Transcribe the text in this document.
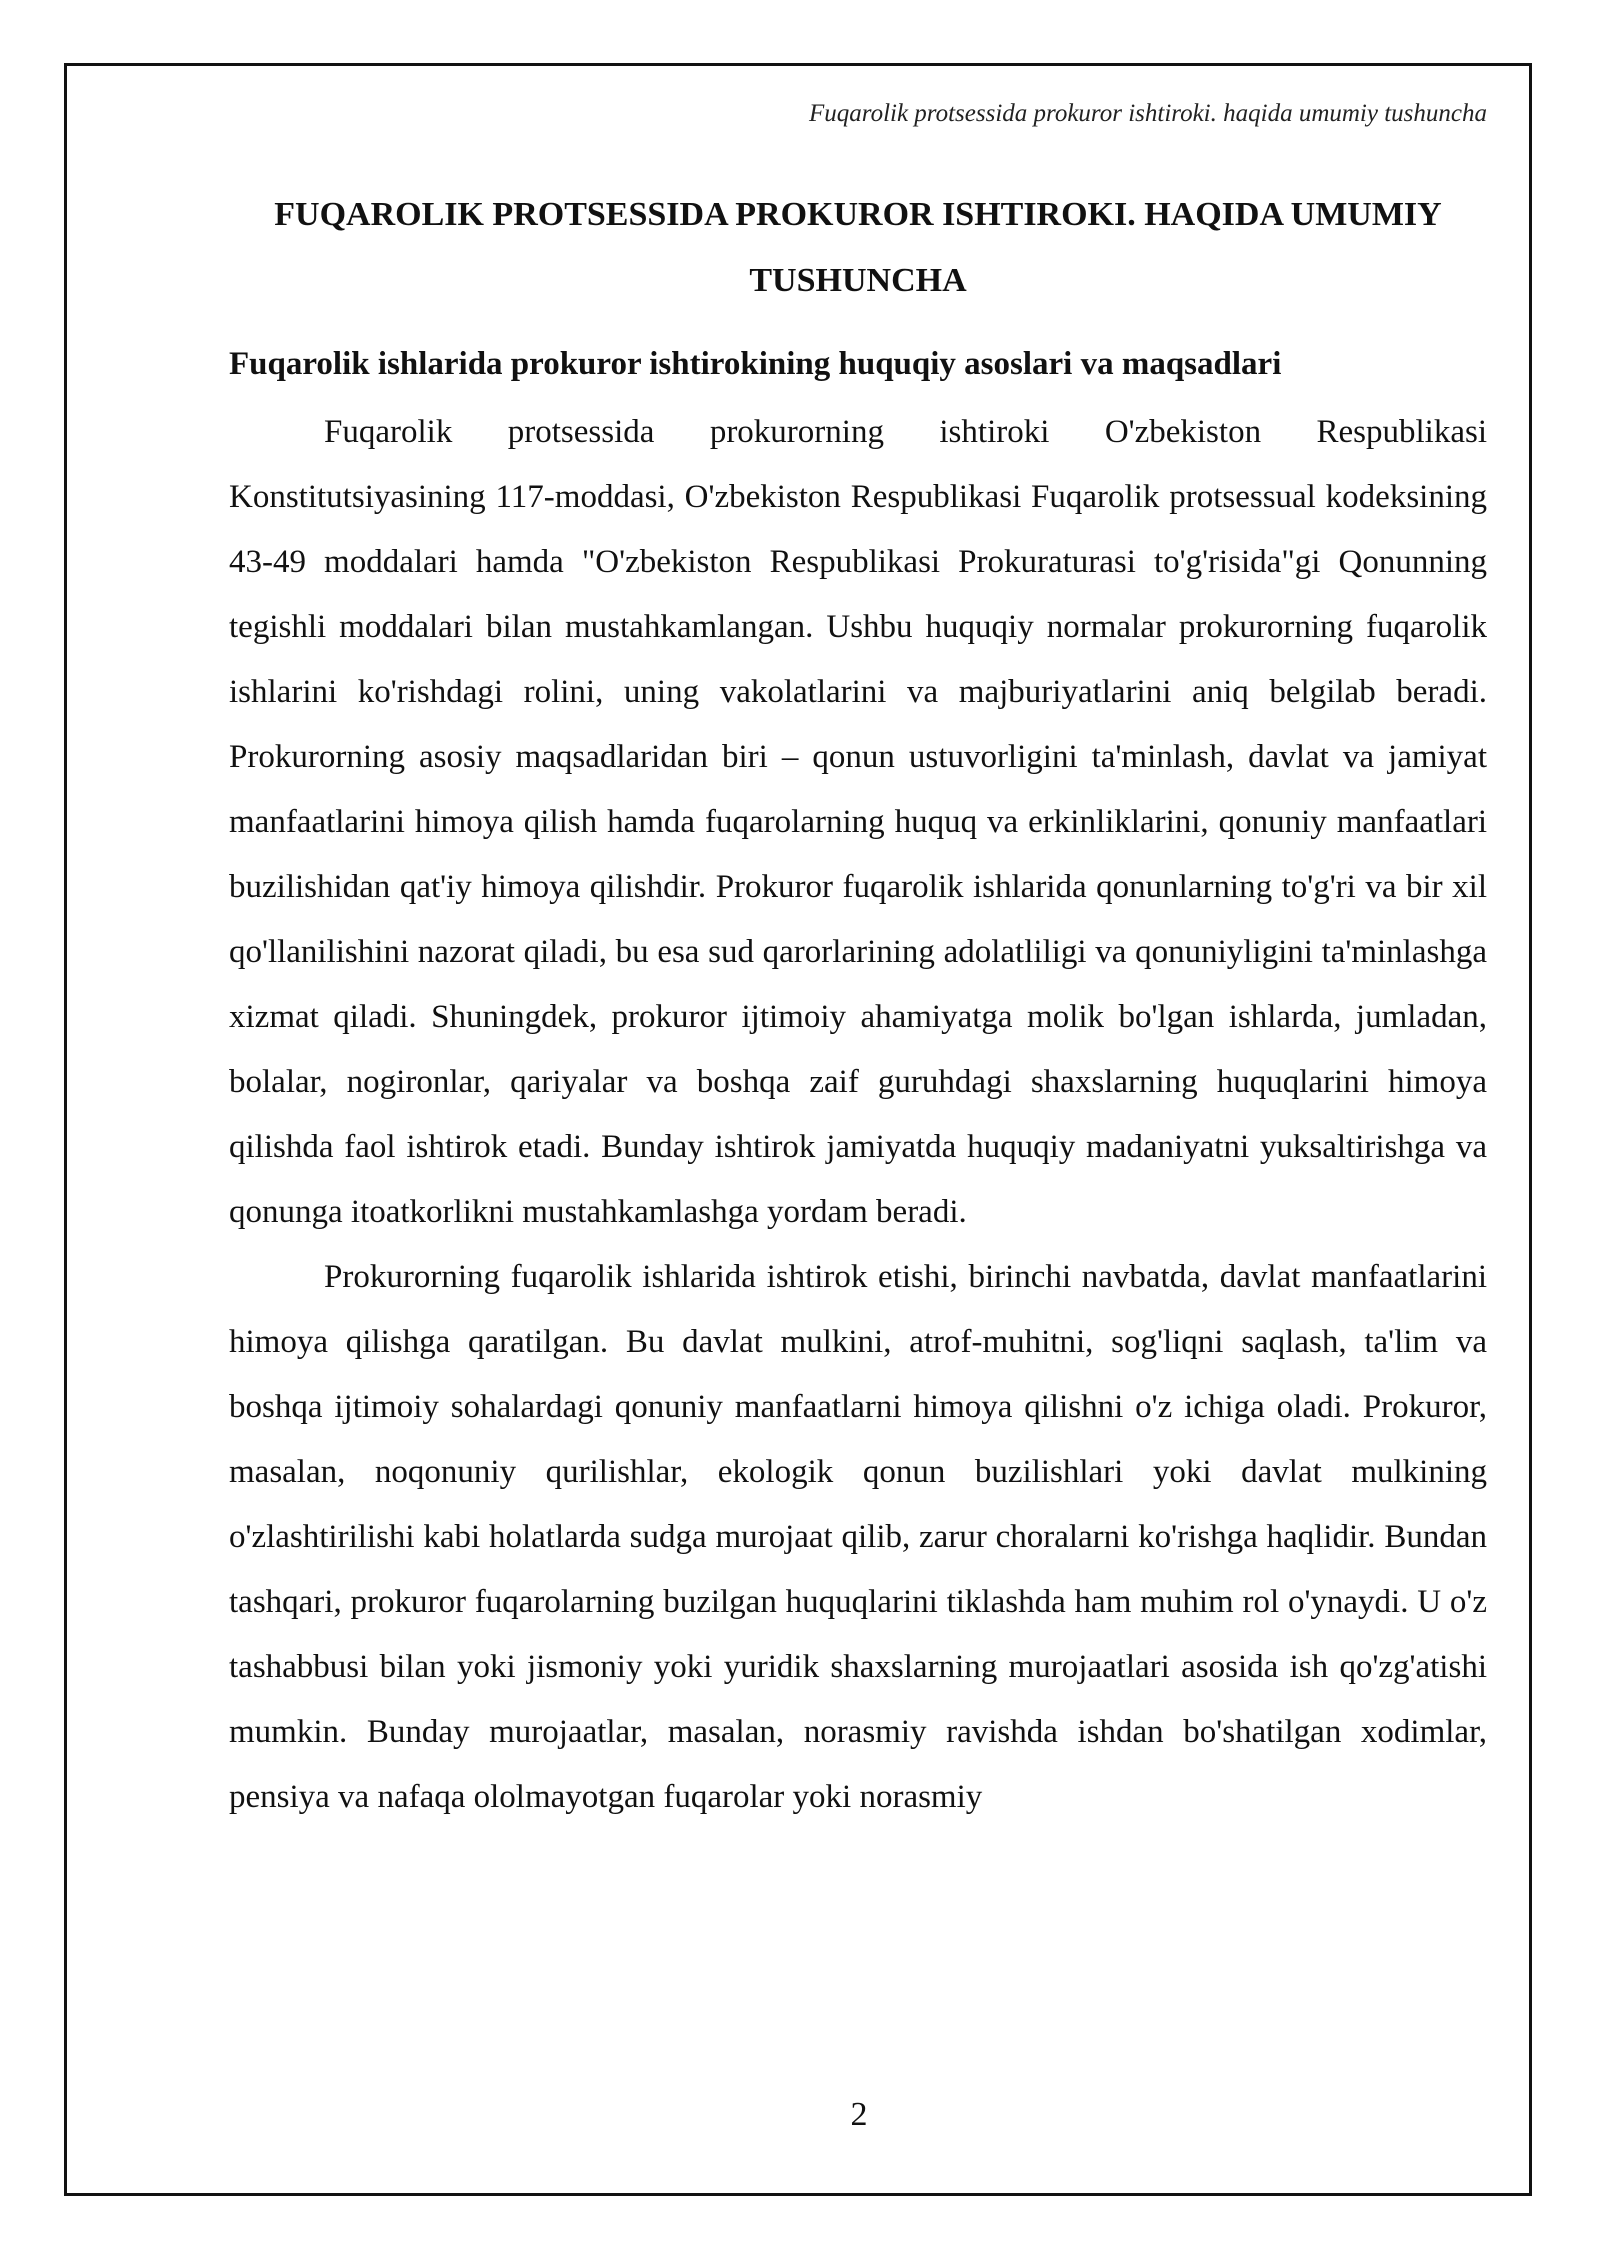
Fuqarolik protsessida prokuror ishtiroki. haqida umumiy tushuncha
FUQAROLIK PROTSESSIDA PROKUROR ISHTIROKI. HAQIDA UMUMIY TUSHUNCHA
Fuqarolik ishlarida prokuror ishtirokining huquqiy asoslari va maqsadlari

Fuqarolik protsessida prokurorning ishtiroki O'zbekiston Respublikasi Konstitutsiyasining 117-moddasi, O'zbekiston Respublikasi Fuqarolik protsessual kodeksining 43-49 moddalari hamda "O'zbekiston Respublikasi Prokuraturasi to'g'risida"gi Qonunning tegishli moddalari bilan mustahkamlangan. Ushbu huquqiy normalar prokurorning fuqarolik ishlarini ko'rishdagi rolini, uning vakolatlarini va majburiyatlarini aniq belgilab beradi. Prokurorning asosiy maqsadlaridan biri – qonun ustuvorligini ta'minlash, davlat va jamiyat manfaatlarini himoya qilish hamda fuqarolarning huquq va erkinliklarini, qonuniy manfaatlari buzilishidan qat'iy himoya qilishdir. Prokuror fuqarolik ishlarida qonunlarning to'g'ri va bir xil qo'llanilishini nazorat qiladi, bu esa sud qarorlarining adolatliligi va qonuniyligini ta'minlashga xizmat qiladi. Shuningdek, prokuror ijtimoiy ahamiyatga molik bo'lgan ishlarda, jumladan, bolalar, nogironlar, qariyalar va boshqa zaif guruhdagi shaxslarning huquqlarini himoya qilishda faol ishtirok etadi. Bunday ishtirok jamiyatda huquqiy madaniyatni yuksaltirishga va qonunga itoatkorlikni mustahkamlashga yordam beradi.

Prokurorning fuqarolik ishlarida ishtirok etishi, birinchi navbatda, davlat manfaatlarini himoya qilishga qaratilgan. Bu davlat mulkini, atrof-muhitni, sog'liqni saqlash, ta'lim va boshqa ijtimoiy sohalardagi qonuniy manfaatlarni himoya qilishni o'z ichiga oladi. Prokuror, masalan, noqonuniy qurilishlar, ekologik qonun buzilishlari yoki davlat mulkining o'zlashtirilishi kabi holatlarda sudga murojaat qilib, zarur choralarni ko'rishga haqlidir. Bundan tashqari, prokuror fuqarolarning buzilgan huquqlarini tiklashda ham muhim rol o'ynaydi. U o'z tashabbusi bilan yoki jismoniy yoki yuridik shaxslarning murojaatlari asosida ish qo'zg'atishi mumkin. Bunday murojaatlar, masalan, norasmiy ravishda ishdan bo'shatilgan xodimlar, pensiya va nafaqa ololmayotgan fuqarolar yoki norasmiy

2
